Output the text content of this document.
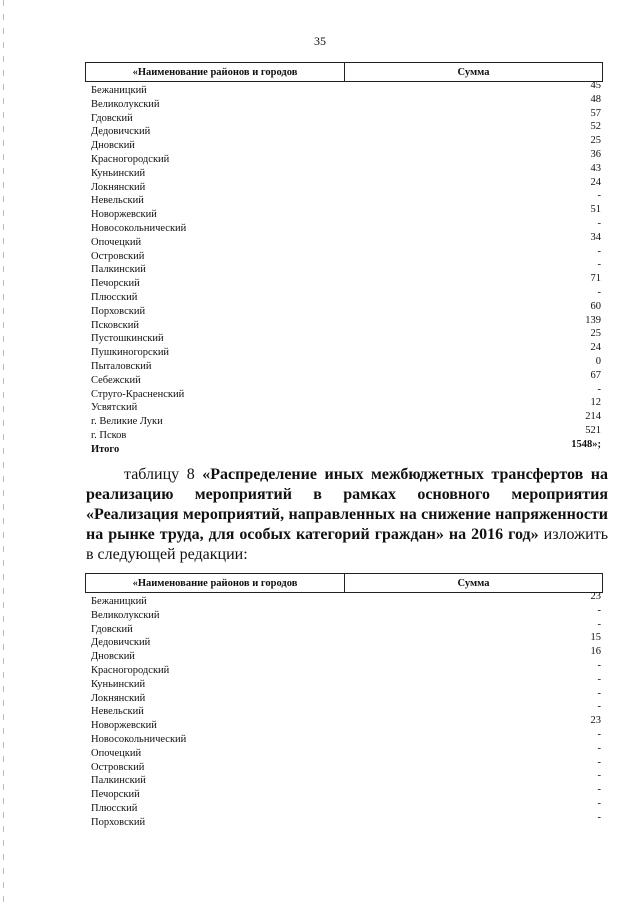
35
«Наименование районов и городов	Сумма
Бежаницкий	45
Великолукский	48
Гдовский	57
Дедовичский	52
Дновский	25
Красногородский	36
Куньинский	43
Локнянский	24
Невельский	-
Новоржевский	51
Новосокольнический	-
Опочецкий	34
Островский	-
Палкинский	-
Печорский	71
Плюсский	-
Порховский	60
Псковский	139
Пустошкинский	25
Пушкиногорский	24
Пыталовский	0
Себежский	67
Струго-Красненский	-
Усвятский	12
г. Великие Луки	214
г. Псков	521
Итого	1548»;
таблицу 8 «Распределение иных межбюджетных трансфертов на реализацию мероприятий в рамках основного мероприятия «Реализация мероприятий, направленных на снижение напряженности на рынке труда, для особых категорий граждан» на 2016 год» изложить в следующей редакции:
«Наименование районов и городов	Сумма
Бежаницкий	23
Великолукский	-
Гдовский	-
Дедовичский	15
Дновский	16
Красногородский	-
Куньинский	-
Локнянский	-
Невельский	-
Новоржевский	23
Новосокольнический	-
Опочецкий	-
Островский	-
Палкинский	-
Печорский	-
Плюсский	-
Порховский	-
